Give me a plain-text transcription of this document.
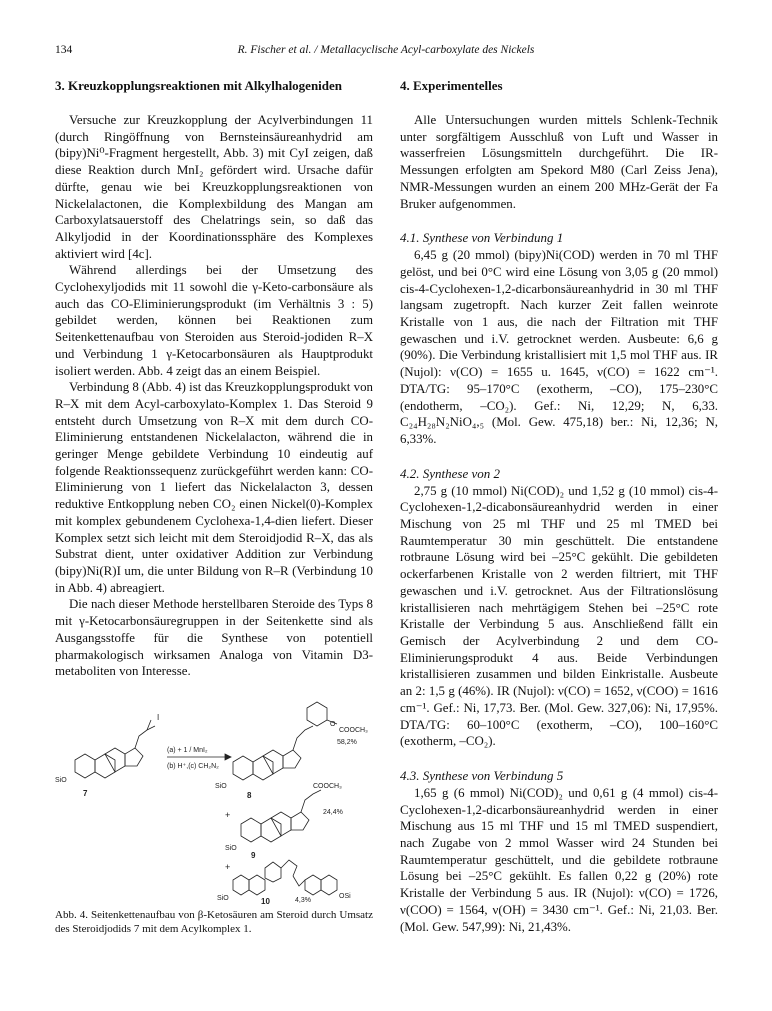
134	R. Fischer et al. / Metallacyclische Acyl-carboxylate des Nickels
3. Kreuzkopplungsreaktionen mit Alkylhalogeniden

Versuche zur Kreuzkopplung der Acylverbindungen 11 (durch Ringöffnung von Bernsteinsäureanhydrid am (bipy)Ni⁰-Fragment hergestellt, Abb. 3) mit CyI zeigen, daß diese Reaktion durch MnI₂ gefördert wird. Ursache dafür dürfte, genau wie bei Kreuzkopplungsreaktionen von Nickelalactonen, die Komplexbildung des Mangan am Carboxylatsauerstoff des Chelatrings sein, so daß das Alkyljodid in der Koordinationssphäre des Komplexes aktiviert wird [4c].

Während allerdings bei der Umsetzung des Cyclohexyljodids mit 11 sowohl die γ-Keto-carbonsäure als auch das CO-Eliminierungsprodukt (im Verhältnis 3 : 5) gebildet werden, können bei Reaktionen zum Seitenkettenaufbau von Steroiden aus Steroid-jodiden R–X und Verbindung 1 γ-Ketocarbonsäuren als Hauptprodukt isoliert werden. Abb. 4 zeigt das an einem Beispiel.

Verbindung 8 (Abb. 4) ist das Kreuzkopplungsprodukt von R–X mit dem Acyl-carboxylato-Komplex 1. Das Steroid 9 entsteht durch Umsetzung von R–X mit dem durch CO-Eliminierung entstandenen Nickelalacton, während die in geringer Menge gebildete Verbindung 10 eindeutig auf folgende Reaktionssequenz zurückgeführt werden kann: CO-Eliminierung von 1 liefert das Nickelalacton 3, dessen reduktive Entkopplung neben CO₂ einen Nickel(0)-Komplex mit komplex gebundenem Cyclohexa-1,4-dien liefert. Dieser Komplex setzt sich leicht mit dem Steroidjodid R–X, das als Substrat dient, unter oxidativer Addition zur Verbindung (bipy)Ni(R)I um, die unter Bildung von R–R (Verbindung 10 in Abb. 4) abreagiert.

Die nach dieser Methode herstellbaren Steroide des Typs 8 mit γ-Ketocarbonsäuregruppen in der Seitenkette sind als Ausgangsstoffe für die Synthese von potentiell pharmakologisch wirksamen Analoga von Vitamin D3-metaboliten von Interesse.

I
SiO
7
(a) + 1 / MnI₂
(b) H⁺,(c) CH₂N₂
O
COOCH₃
58,2%
SiO
8
COOCH₃
+	24,4%
SiO
9
+
SiO	10	4,3%
OSi
Abb. 4. Seitenkettenaufbau von β-Ketosäuren am Steroid durch Umsatz des Steroidjodids 7 mit dem Acylkomplex 1.
4. Experimentelles

Alle Untersuchungen wurden mittels Schlenk-Technik unter sorgfältigem Ausschluß von Luft und Wasser in wasserfreien Lösungsmitteln durchgeführt. Die IR-Messungen erfolgten am Spekord M80 (Carl Zeiss Jena), NMR-Messungen wurden an einem 200 MHz-Gerät der Fa Bruker aufgenommen.

4.1. Synthese von Verbindung 1

6,45 g (20 mmol) (bipy)Ni(COD) werden in 70 ml THF gelöst, und bei 0°C wird eine Lösung von 3,05 g (20 mmol) cis-4-Cyclohexen-1,2-dicarbonsäureanhydrid in 30 ml THF langsam zugetropft. Nach kurzer Zeit fallen weinrote Kristalle von 1 aus, die nach der Filtration mit THF gewaschen und i.V. getrocknet werden. Ausbeute: 6,6 g (90%). Die Verbindung kristallisiert mit 1,5 mol THF aus. IR (Nujol): ν(CO) = 1655 u. 1645, ν(CO) = 1622 cm⁻¹. DTA/TG: 95–170°C (exotherm, –CO), 175–230°C (endotherm, –CO₂). Gef.: Ni, 12,29; N, 6,33. C₂₄H₂₈N₂NiO₄,₅ (Mol. Gew. 475,18) ber.: Ni, 12,36; N, 6,33%.

4.2. Synthese von 2

2,75 g (10 mmol) Ni(COD)₂ und 1,52 g (10 mmol) cis-4-Cyclohexen-1,2-dicabonsäureanhydrid werden in einer Mischung von 25 ml THF und 25 ml TMED bei Raumtemperatur 30 min geschüttelt. Die entstandene rotbraune Lösung wird bei –25°C gekühlt. Die gebildeten ockerfarbenen Kristalle von 2 werden filtriert, mit THF gewaschen und i.V. getrocknet. Aus der Filtrationslösung kristallisieren nach mehrtägigem Stehen bei –25°C rote Kristalle der Verbindung 5 aus. Anschließend fällt ein Gemisch der Acylverbindung 2 und dem CO-Eliminierungsprodukt 4 aus. Beide Verbindungen kristallisieren zusammen und bilden Einkristalle. Ausbeute an 2: 1,5 g (46%). IR (Nujol): ν(CO) = 1652, ν(COO) = 1616 cm⁻¹. Gef.: Ni, 17,73. Ber. (Mol. Gew. 327,06): Ni, 17,95%. DTA/TG: 60–100°C (exotherm, –CO), 100–160°C (exotherm, –CO₂).

4.3. Synthese von Verbindung 5

1,65 g (6 mmol) Ni(COD)₂ und 0,61 g (4 mmol) cis-4-Cyclohexen-1,2-dicarbonsäureanhydrid werden in einer Mischung aus 15 ml THF und 15 ml TMED suspendiert, nach Zugabe von 2 mmol Wasser wird 24 Stunden bei Raumtemperatur geschüttelt, und die gebildete rotbraune Lösung bei –25°C gekühlt. Es fallen 0,22 g (20%) rote Kristalle der Verbindung 5 aus. IR (Nujol): ν(CO) = 1726, ν(COO) = 1564, ν(OH) = 3430 cm⁻¹. Gef.: Ni, 21,03. Ber. (Mol. Gew. 547,99): Ni, 21,43%.
